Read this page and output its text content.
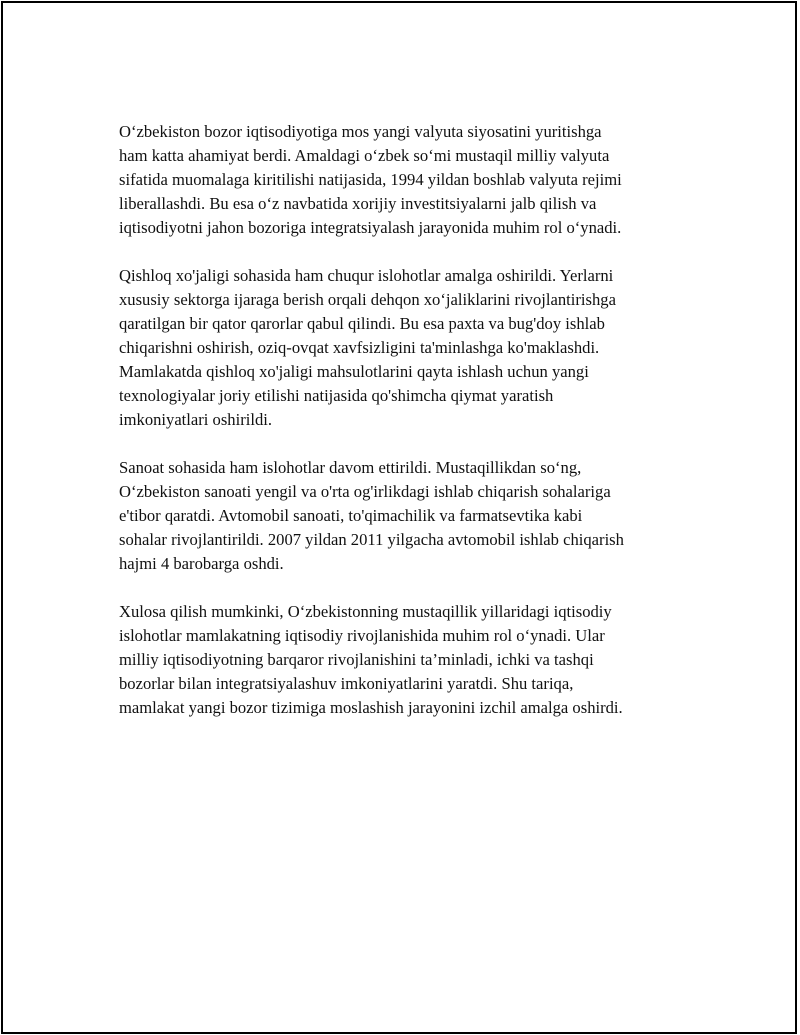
O‘zbekiston bozor iqtisodiyotiga mos yangi valyuta siyosatini yuritishga
ham katta ahamiyat berdi. Amaldagi o‘zbek so‘mi mustaqil milliy valyuta
sifatida muomalaga kiritilishi natijasida, 1994 yildan boshlab valyuta rejimi
liberallashdi. Bu esa o‘z navbatida xorijiy investitsiyalarni jalb qilish va
iqtisodiyotni jahon bozoriga integratsiyalash jarayonida muhim rol o‘ynadi.

Qishloq xo'jaligi sohasida ham chuqur islohotlar amalga oshirildi. Yerlarni
xususiy sektorga ijaraga berish orqali dehqon xo‘jaliklarini rivojlantirishga
qaratilgan bir qator qarorlar qabul qilindi. Bu esa paxta va bug'doy ishlab
chiqarishni oshirish, oziq-ovqat xavfsizligini ta'minlashga ko'maklashdi.
Mamlakatda qishloq xo'jaligi mahsulotlarini qayta ishlash uchun yangi
texnologiyalar joriy etilishi natijasida qo'shimcha qiymat yaratish
imkoniyatlari oshirildi.

Sanoat sohasida ham islohotlar davom ettirildi. Mustaqillikdan so‘ng,
O‘zbekiston sanoati yengil va o'rta og'irlikdagi ishlab chiqarish sohalariga
e'tibor qaratdi. Avtomobil sanoati, to'qimachilik va farmatsevtika kabi
sohalar rivojlantirildi. 2007 yildan 2011 yilgacha avtomobil ishlab chiqarish
hajmi 4 barobarga oshdi.

Xulosa qilish mumkinki, O‘zbekistonning mustaqillik yillaridagi iqtisodiy
islohotlar mamlakatning iqtisodiy rivojlanishida muhim rol o‘ynadi. Ular
milliy iqtisodiyotning barqaror rivojlanishini ta’minladi, ichki va tashqi
bozorlar bilan integratsiyalashuv imkoniyatlarini yaratdi. Shu tariqa,
mamlakat yangi bozor tizimiga moslashish jarayonini izchil amalga oshirdi.
